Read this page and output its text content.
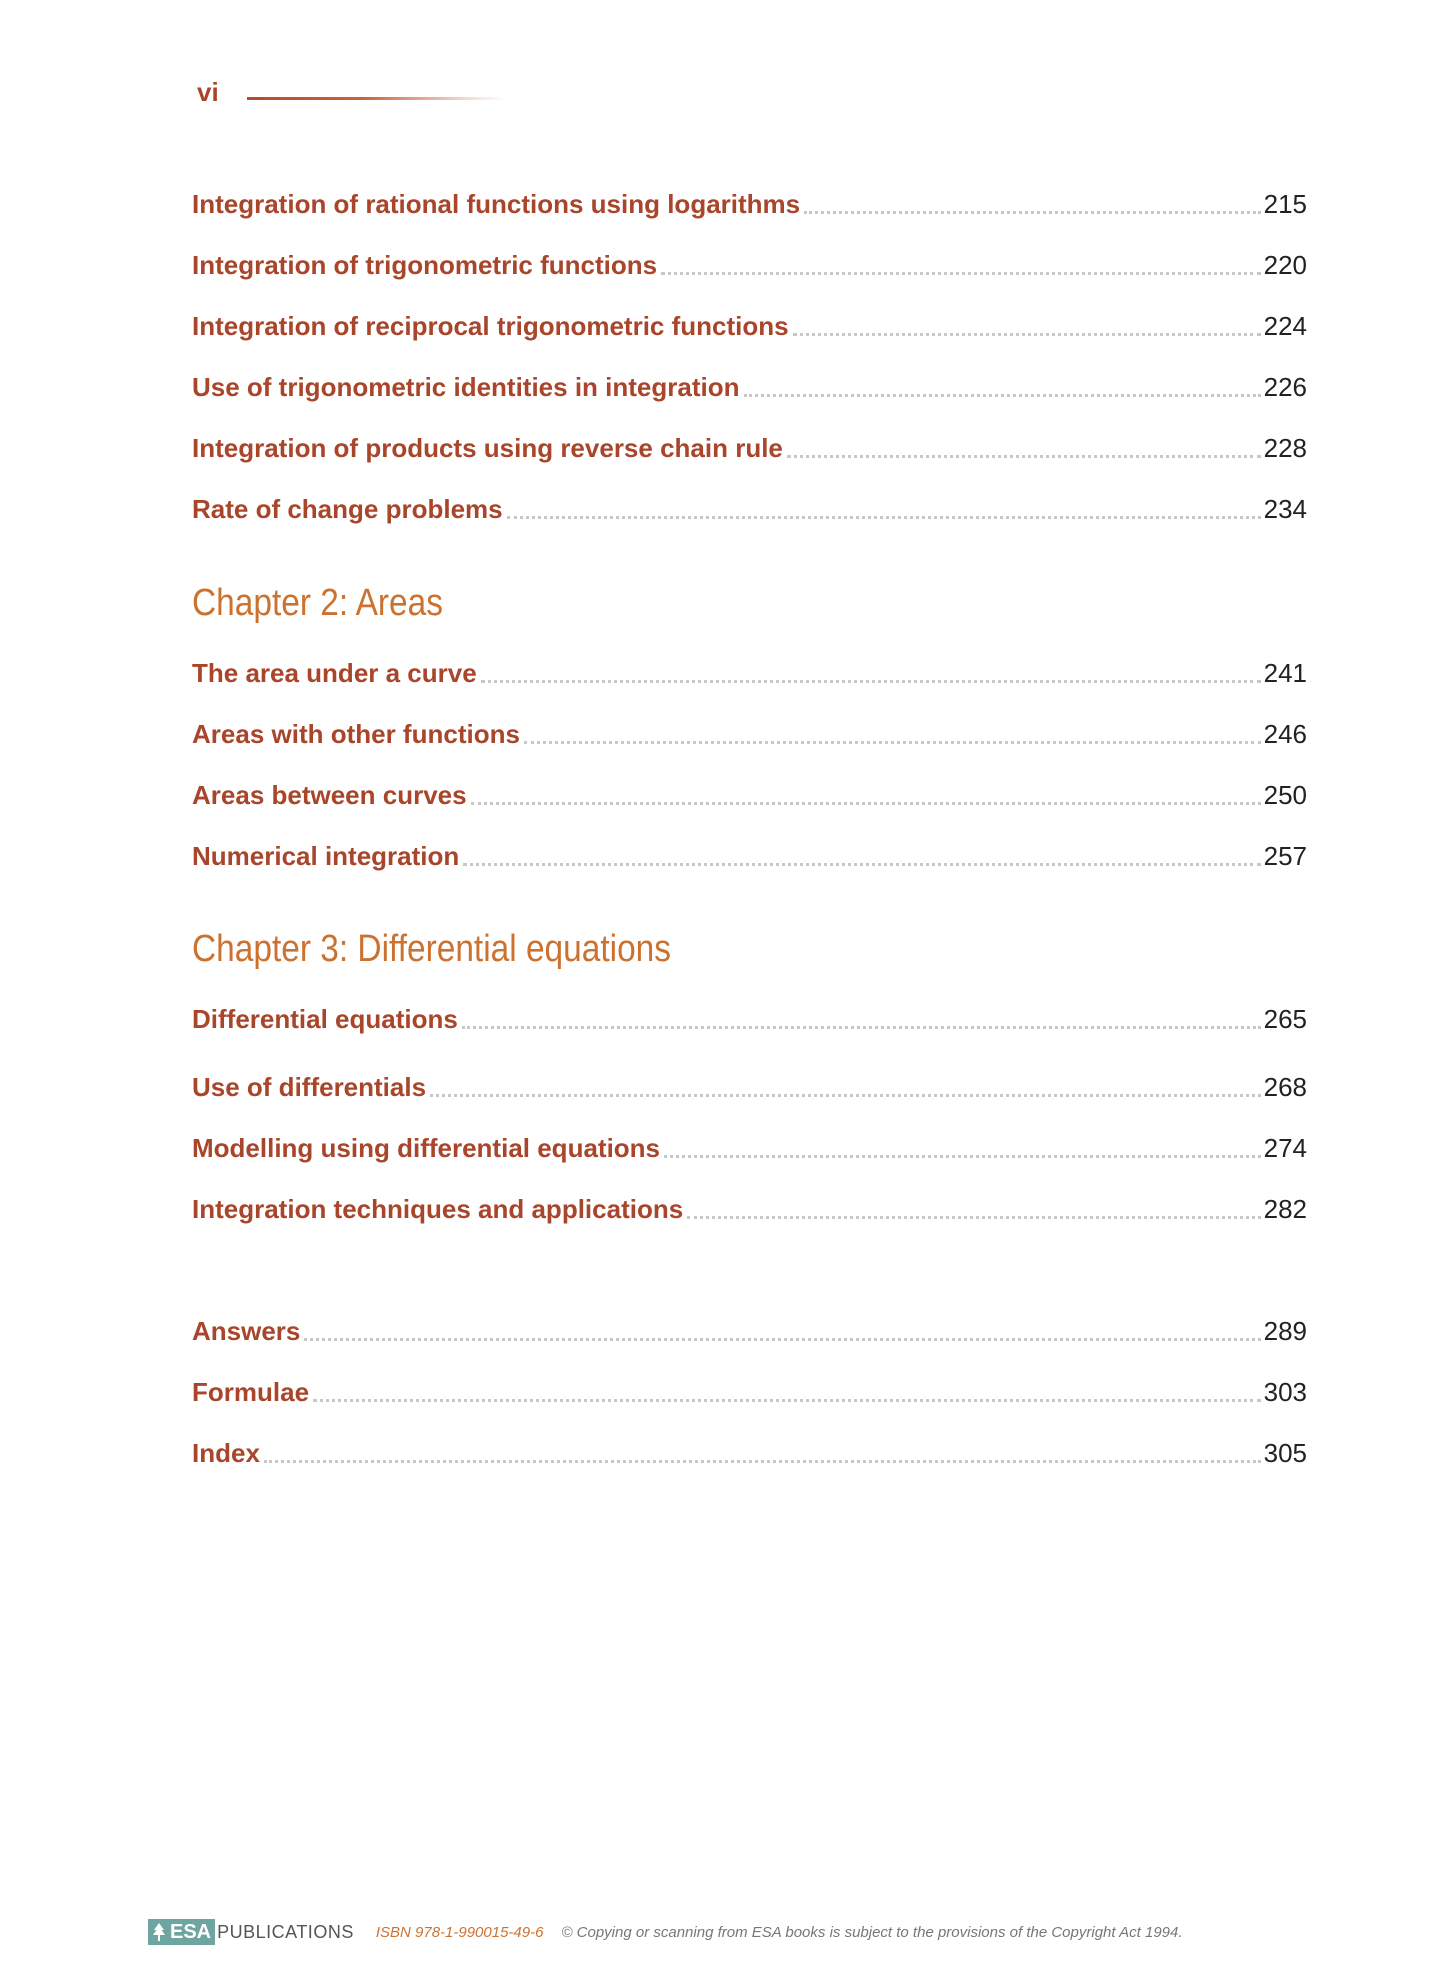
vi
Integration of rational functions using logarithms	215
Integration of trigonometric functions	220
Integration of reciprocal trigonometric functions	224
Use of trigonometric identities in integration	226
Integration of products using reverse chain rule	228
Rate of change problems	234
Chapter 2: Areas
The area under a curve	241
Areas with other functions	246
Areas between curves	250
Numerical integration	257
Chapter 3: Differential equations
Differential equations	265
Use of differentials	268
Modelling using differential equations	274
Integration techniques and applications	282
Answers	289
Formulae	303
Index	305
ESA PUBLICATIONS ISBN 978-1-990015-49-6 © Copying or scanning from ESA books is subject to the provisions of the Copyright Act 1994.
